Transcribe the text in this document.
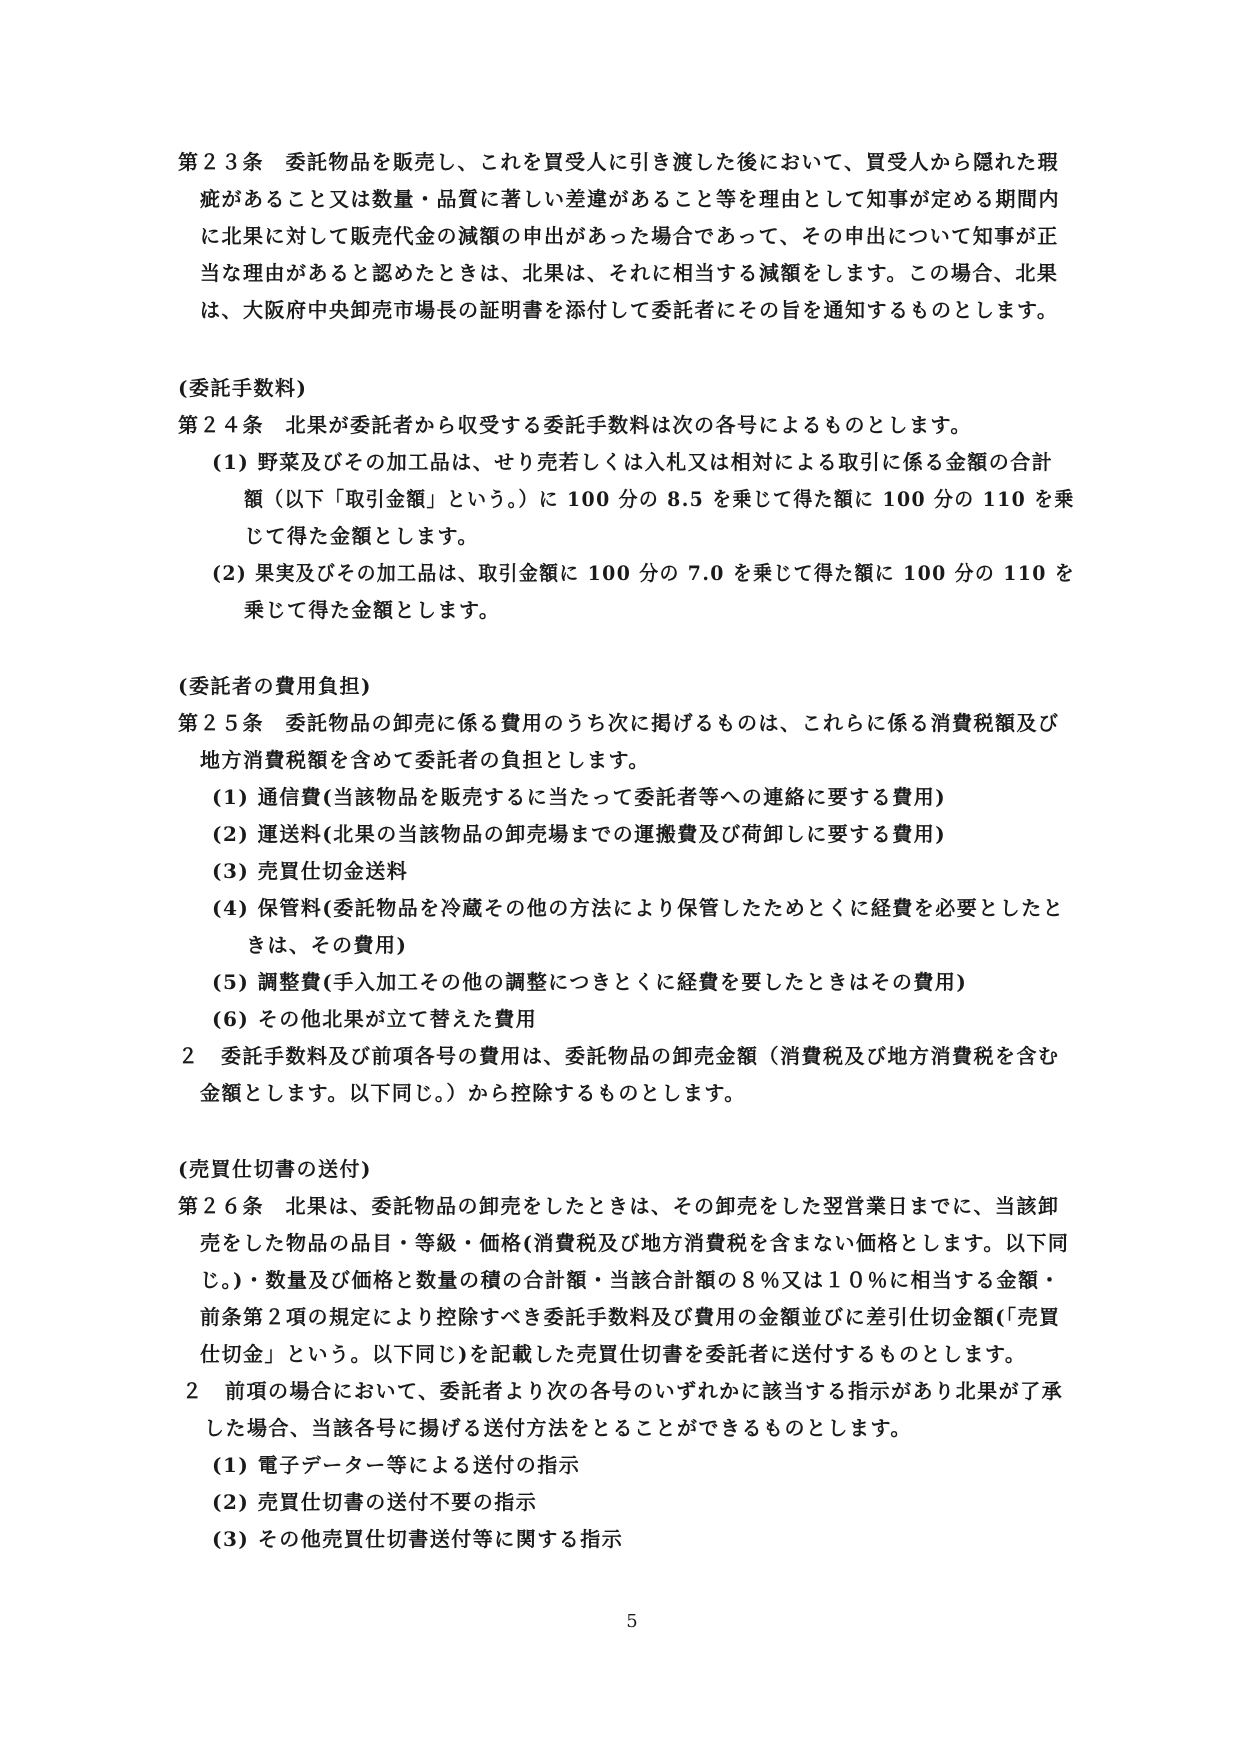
第２３条　委託物品を販売し、これを買受人に引き渡した後において、買受人から隠れた瑕
疵があること又は数量・品質に著しい差違があること等を理由として知事が定める期間内
に北果に対して販売代金の減額の申出があった場合であって、その申出について知事が正
当な理由があると認めたときは、北果は、それに相当する減額をします。この場合、北果
は、大阪府中央卸売市場長の証明書を添付して委託者にその旨を通知するものとします。
(委託手数料)
第２４条　北果が委託者から収受する委託手数料は次の各号によるものとします。
(1) 野菜及びその加工品は、せり売若しくは入札又は相対による取引に係る金額の合計
額（以下「取引金額」という。）に 100 分の 8.5 を乗じて得た額に 100 分の 110 を乗
じて得た金額とします。
(2) 果実及びその加工品は、取引金額に 100 分の 7.0 を乗じて得た額に 100 分の 110 を
乗じて得た金額とします。
(委託者の費用負担)
第２５条　委託物品の卸売に係る費用のうち次に掲げるものは、これらに係る消費税額及び
地方消費税額を含めて委託者の負担とします。
(1) 通信費(当該物品を販売するに当たって委託者等への連絡に要する費用)
(2) 運送料(北果の当該物品の卸売場までの運搬費及び荷卸しに要する費用)
(3) 売買仕切金送料
(4) 保管料(委託物品を冷蔵その他の方法により保管したためとくに経費を必要としたと
きは、その費用)
(5) 調整費(手入加工その他の調整につきとくに経費を要したときはその費用)
(6) その他北果が立て替えた費用
２　委託手数料及び前項各号の費用は、委託物品の卸売金額（消費税及び地方消費税を含む
金額とします。以下同じ。）から控除するものとします。
(売買仕切書の送付)
第２６条　北果は、委託物品の卸売をしたときは、その卸売をした翌営業日までに、当該卸
売をした物品の品目・等級・価格(消費税及び地方消費税を含まない価格とします。以下同
じ。)・数量及び価格と数量の積の合計額・当該合計額の８％又は１０％に相当する金額・
前条第２項の規定により控除すべき委託手数料及び費用の金額並びに差引仕切金額(「売買
仕切金」という。以下同じ)を記載した売買仕切書を委託者に送付するものとします。
２　前項の場合において、委託者より次の各号のいずれかに該当する指示があり北果が了承
した場合、当該各号に揚げる送付方法をとることができるものとします。
(1) 電子データー等による送付の指示
(2) 売買仕切書の送付不要の指示
(3) その他売買仕切書送付等に関する指示
5
